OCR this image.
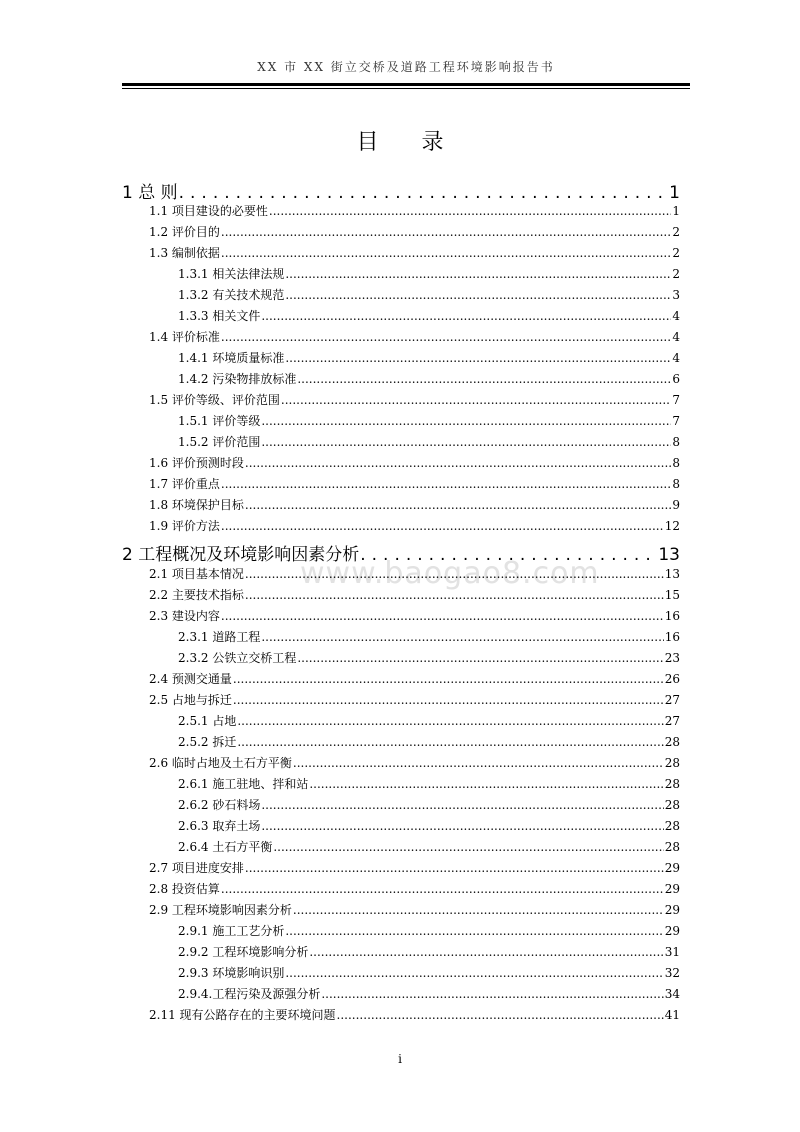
XX 市 XX 街立交桥及道路工程环境影响报告书
目 录
www.baogao8.com
1 总 则 .....	1
1.1 项目建设的必要性 .....	1
1.2 评价目的 .....	2
1.3 编制依据 .....	2
1.3.1 相关法律法规 .....	2
1.3.2 有关技术规范 .....	3
1.3.3 相关文件 .....	4
1.4 评价标准 .....	4
1.4.1 环境质量标准 .....	4
1.4.2 污染物排放标准 .....	6
1.5 评价等级、评价范围 .....	7
1.5.1 评价等级 .....	7
1.5.2 评价范围 .....	8
1.6 评价预测时段 .....	8
1.7 评价重点 .....	8
1.8 环境保护目标 .....	9
1.9 评价方法 .....	12
2 工程概况及环境影响因素分析 .....	13
2.1 项目基本情况 .....	13
2.2 主要技术指标 .....	15
2.3 建设内容 .....	16
2.3.1 道路工程 .....	16
2.3.2 公铁立交桥工程 .....	23
2.4 预测交通量 .....	26
2.5 占地与拆迁 .....	27
2.5.1 占地 .....	27
2.5.2 拆迁 .....	28
2.6 临时占地及土石方平衡 .....	28
2.6.1 施工驻地、拌和站 .....	28
2.6.2 砂石料场 .....	28
2.6.3 取弃土场 .....	28
2.6.4 土石方平衡 .....	28
2.7 项目进度安排 .....	29
2.8 投资估算 .....	29
2.9 工程环境影响因素分析 .....	29
2.9.1 施工工艺分析 .....	29
2.9.2 工程环境影响分析 .....	31
2.9.3 环境影响识别 .....	32
2.9.4.工程污染及源强分析 .....	34
2.11 现有公路存在的主要环境问题 .....	41
i
